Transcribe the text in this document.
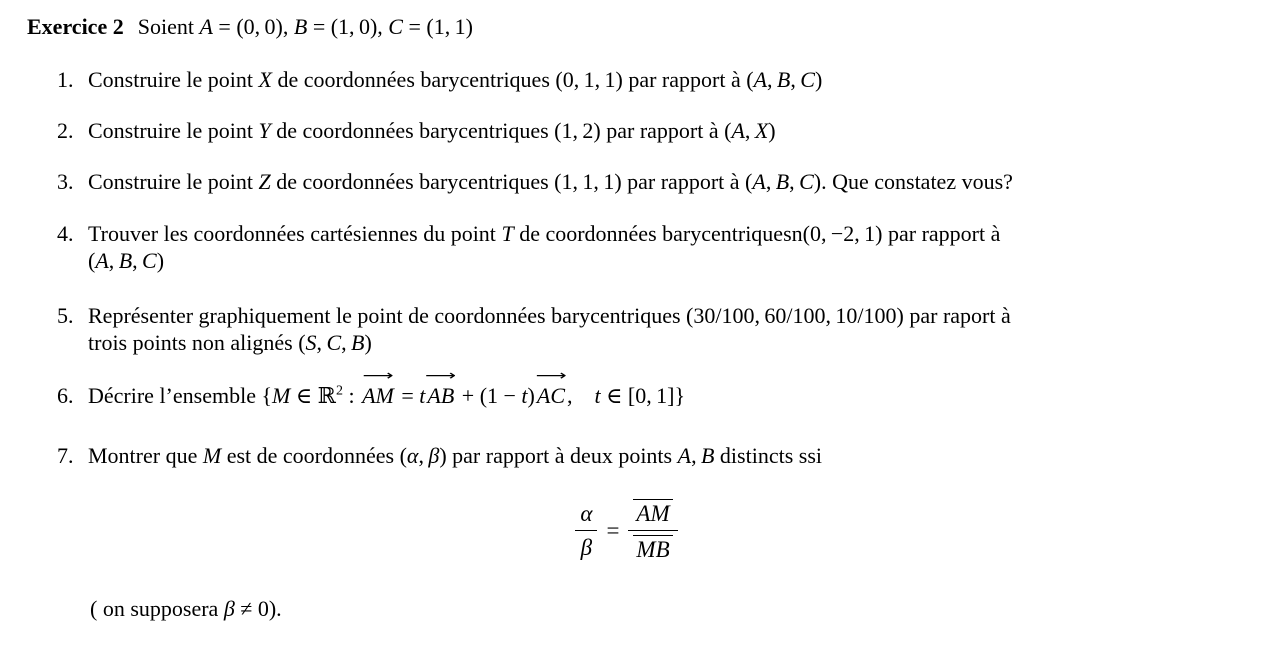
Exercice 2 Soient A = (0, 0), B = (1, 0), C = (1, 1)
1. Construire le point X de coordonnées barycentriques (0, 1, 1) par rapport à (A, B, C)
2. Construire le point Y de coordonnées barycentriques (1, 2) par rapport à (A, X)
3. Construire le point Z de coordonnées barycentriques (1, 1, 1) par rapport à (A, B, C). Que constatez vous?
4. Trouver les coordonnées cartésiennes du point T de coordonnées barycentriquesn(0, −2, 1) par rapport à
(A, B, C)
5. Représenter graphiquement le point de coordonnées barycentriques (30/100, 60/100, 10/100) par raport à
trois points non alignés (S, C, B)
6. Décrire l’ensemble {M ∈ ℝ$^2$ :
⟶
AM = t
⟶
AB + (1 − t)
⟶
AC, t ∈ [0, 1]}
7. Montrer que M est de coordonnées (α, β) par rapport à deux points A, B distincts ssi
$\frac{\alpha}{\beta} = \frac{AM}{MB}$
( on supposera β ≠ 0).
